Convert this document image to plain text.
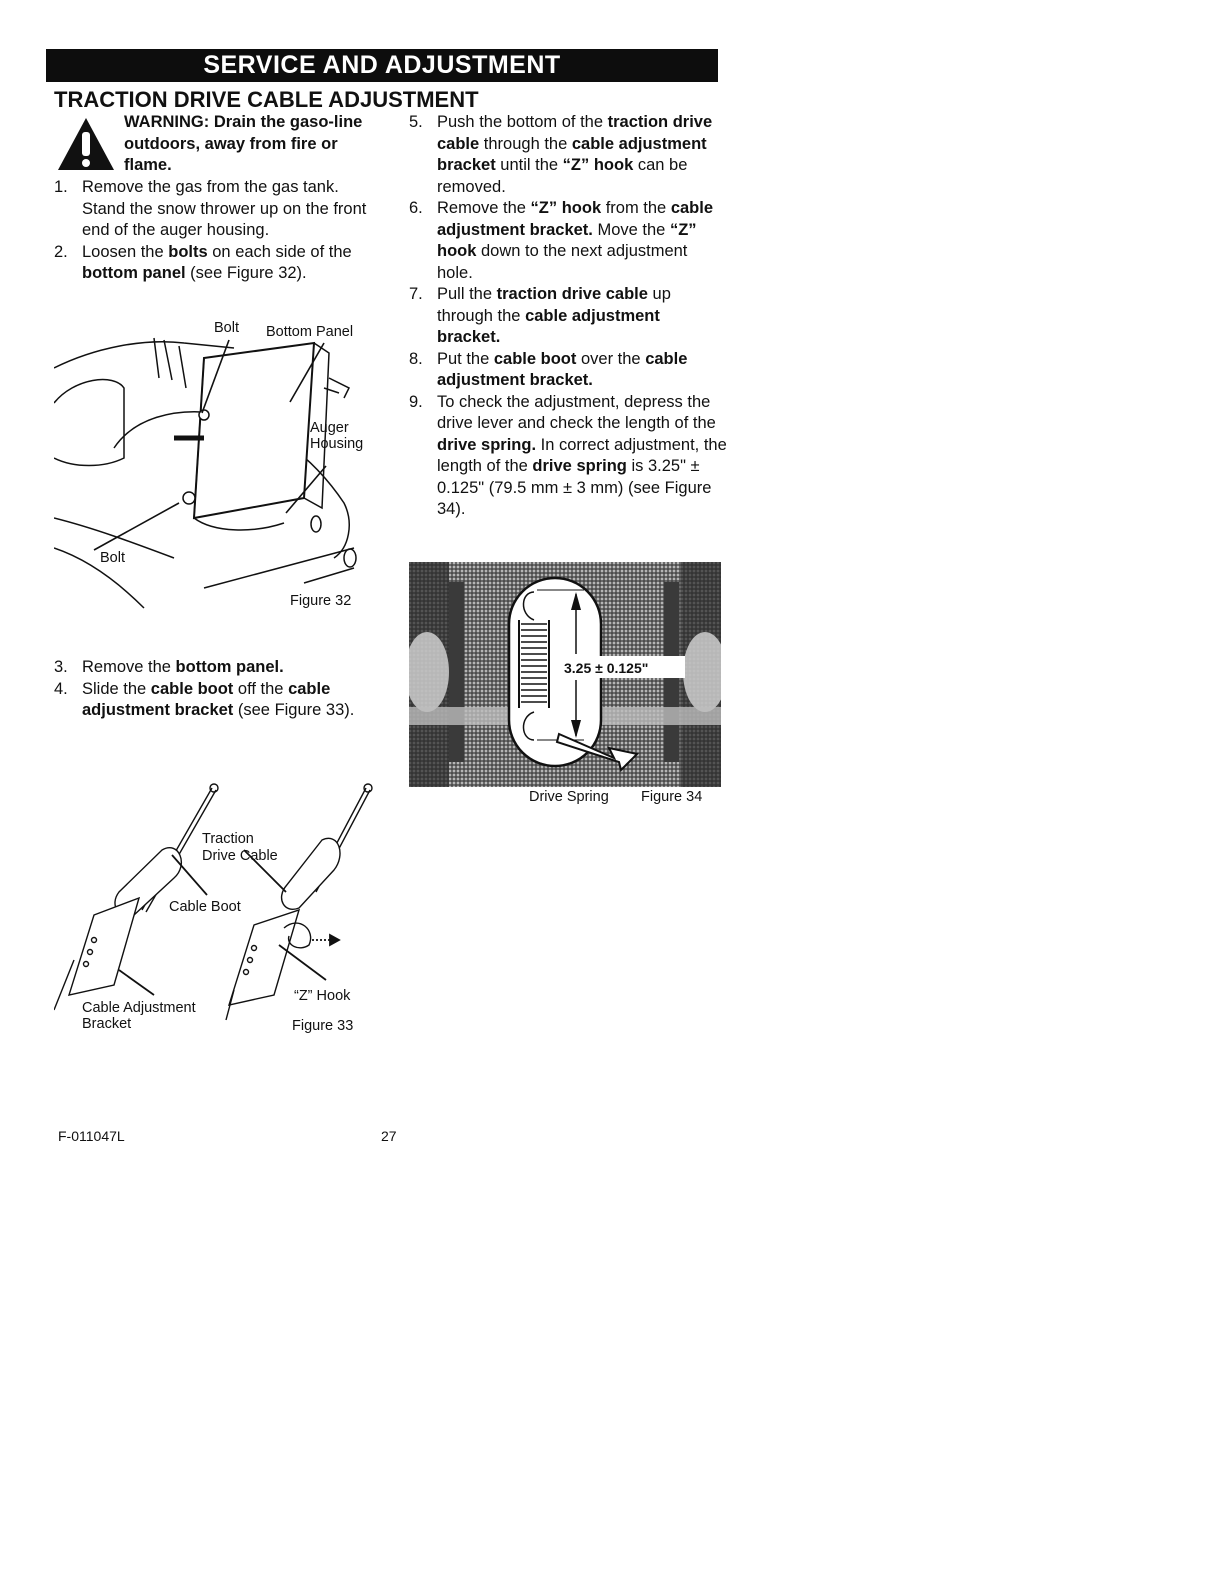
SERVICE AND ADJUSTMENT
TRACTION DRIVE CABLE ADJUSTMENT
WARNING: Drain the gaso-line outdoors, away from fire or flame.

1. Remove the gas from the gas tank. Stand the snow thrower up on the front end of the auger housing.

2. Loosen the bolts on each side of the bottom panel (see Figure 32).

3. Remove the bottom panel.

4. Slide the cable boot off the cable adjustment bracket (see Figure 33).

5. Push the bottom of the traction drive cable through the cable adjustment bracket until the “Z” hook can be removed.

6. Remove the “Z” hook from the cable adjustment bracket. Move the “Z” hook down to the next adjustment hole.

7. Pull the traction drive cable up through the cable adjustment bracket.

8. Put the cable boot over the cable adjustment bracket.

9. To check the adjustment, depress the drive lever and check the length of the drive spring. In correct adjustment, the length of the drive spring is 3.25" ± 0.125" (79.5 mm ± 3 mm) (see Figure 34).

Bolt Bottom Panel
Auger
Housing
Bolt
Figure 32
Traction
Drive Cable
Cable Boot
“Z” Hook
Cable Adjustment
Bracket	Figure 33
3.25 ± 0.125"
Drive Spring Figure 34
F-011047L	27
